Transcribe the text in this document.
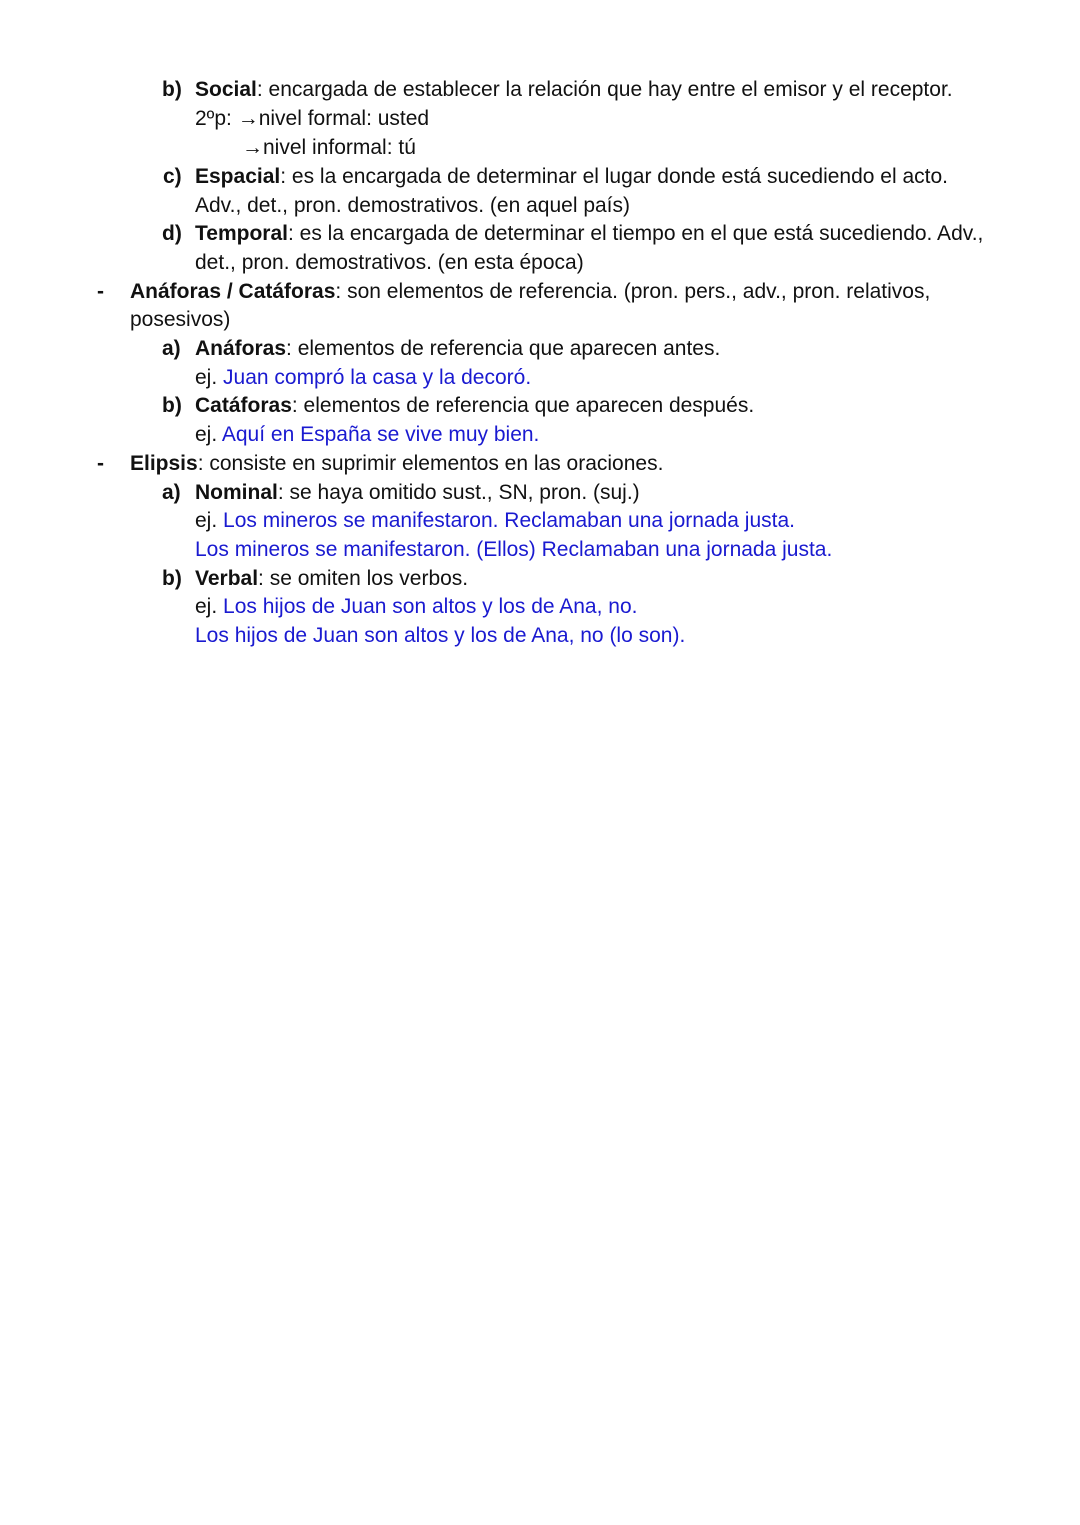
b) Social: encargada de establecer la relación que hay entre el emisor y el receptor.
2ºp: →nivel formal: usted
→nivel informal: tú
c) Espacial: es la encargada de determinar el lugar donde está sucediendo el acto.
Adv., det., pron. demostrativos. (en aquel país)
d) Temporal: es la encargada de determinar el tiempo en el que está sucediendo. Adv.,
det., pron. demostrativos. (en esta época)
- Anáforas / Catáforas: son elementos de referencia. (pron. pers., adv., pron. relativos,
posesivos)
a) Anáforas: elementos de referencia que aparecen antes.
ej. Juan compró la casa y la decoró.
b) Catáforas: elementos de referencia que aparecen después.
ej. Aquí en España se vive muy bien.
- Elipsis: consiste en suprimir elementos en las oraciones.
a) Nominal: se haya omitido sust., SN, pron. (suj.)
ej. Los mineros se manifestaron. Reclamaban una jornada justa.
Los mineros se manifestaron. (Ellos) Reclamaban una jornada justa.
b) Verbal: se omiten los verbos.
ej. Los hijos de Juan son altos y los de Ana, no.
Los hijos de Juan son altos y los de Ana, no (lo son).
